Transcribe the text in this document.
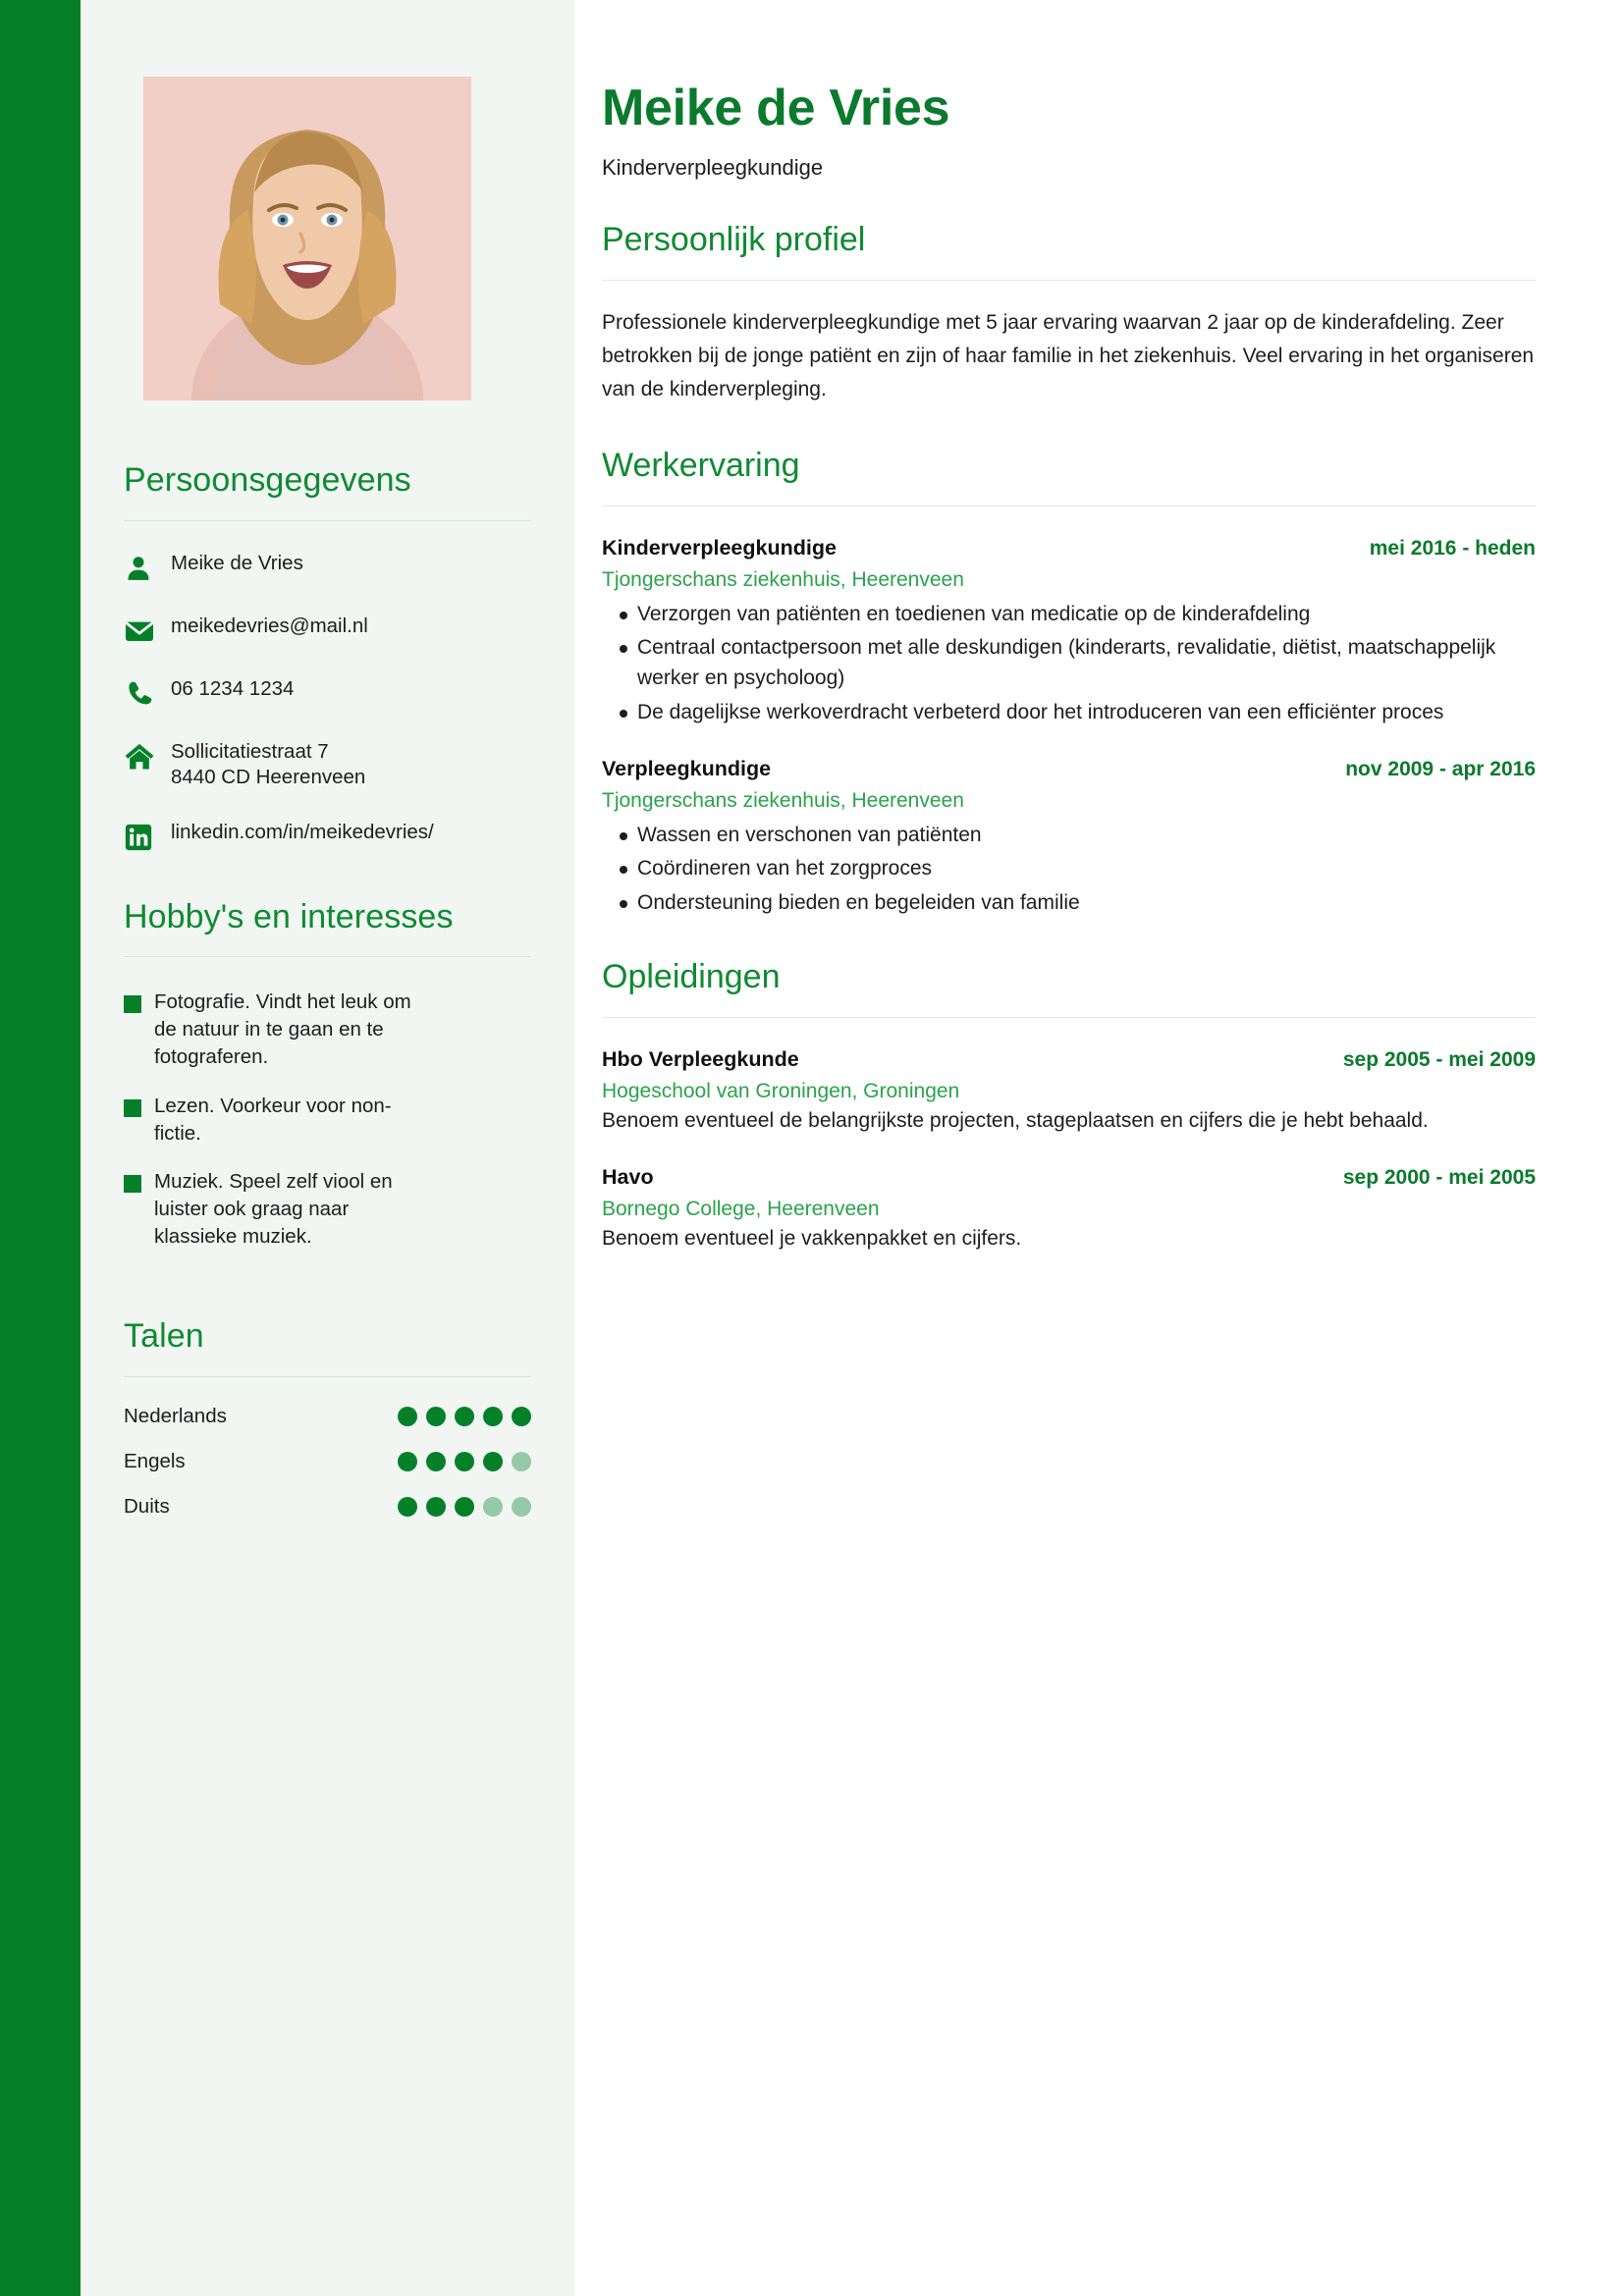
Persoonsgegevens
Meike de Vries
meikedevries@mail.nl
06 1234 1234
Sollicitatiestraat 7
8440 CD Heerenveen
linkedin.com/in/meikedevries/
Hobby's en interesses
Fotografie. Vindt het leuk om de natuur in te gaan en te fotograferen.
Lezen. Voorkeur voor non-fictie.
Muziek. Speel zelf viool en luister ook graag naar klassieke muziek.
Talen
Nederlands
Engels
Duits
Meike de Vries
Kinderverpleegkundige
Persoonlijk profiel

Professionele kinderverpleegkundige met 5 jaar ervaring waarvan 2 jaar op de kinderafdeling. Zeer betrokken bij de jonge patiënt en zijn of haar familie in het ziekenhuis. Veel ervaring in het organiseren van de kinderverpleging.

Werkervaring
Kinderverpleegkundige	mei 2016 - heden
Tjongerschans ziekenhuis, Heerenveen
Verzorgen van patiënten en toedienen van medicatie op de kinderafdeling
Centraal contactpersoon met alle deskundigen (kinderarts, revalidatie, diëtist, maatschappelijk werker en psycholoog)
De dagelijkse werkoverdracht verbeterd door het introduceren van een efficiënter proces
Verpleegkundige	nov 2009 - apr 2016
Tjongerschans ziekenhuis, Heerenveen
Wassen en verschonen van patiënten
Coördineren van het zorgproces
Ondersteuning bieden en begeleiden van familie
Opleidingen
Hbo Verpleegkunde	sep 2005 - mei 2009
Hogeschool van Groningen, Groningen
Benoem eventueel de belangrijkste projecten, stageplaatsen en cijfers die je hebt behaald.
Havo	sep 2000 - mei 2005
Bornego College, Heerenveen
Benoem eventueel je vakkenpakket en cijfers.
